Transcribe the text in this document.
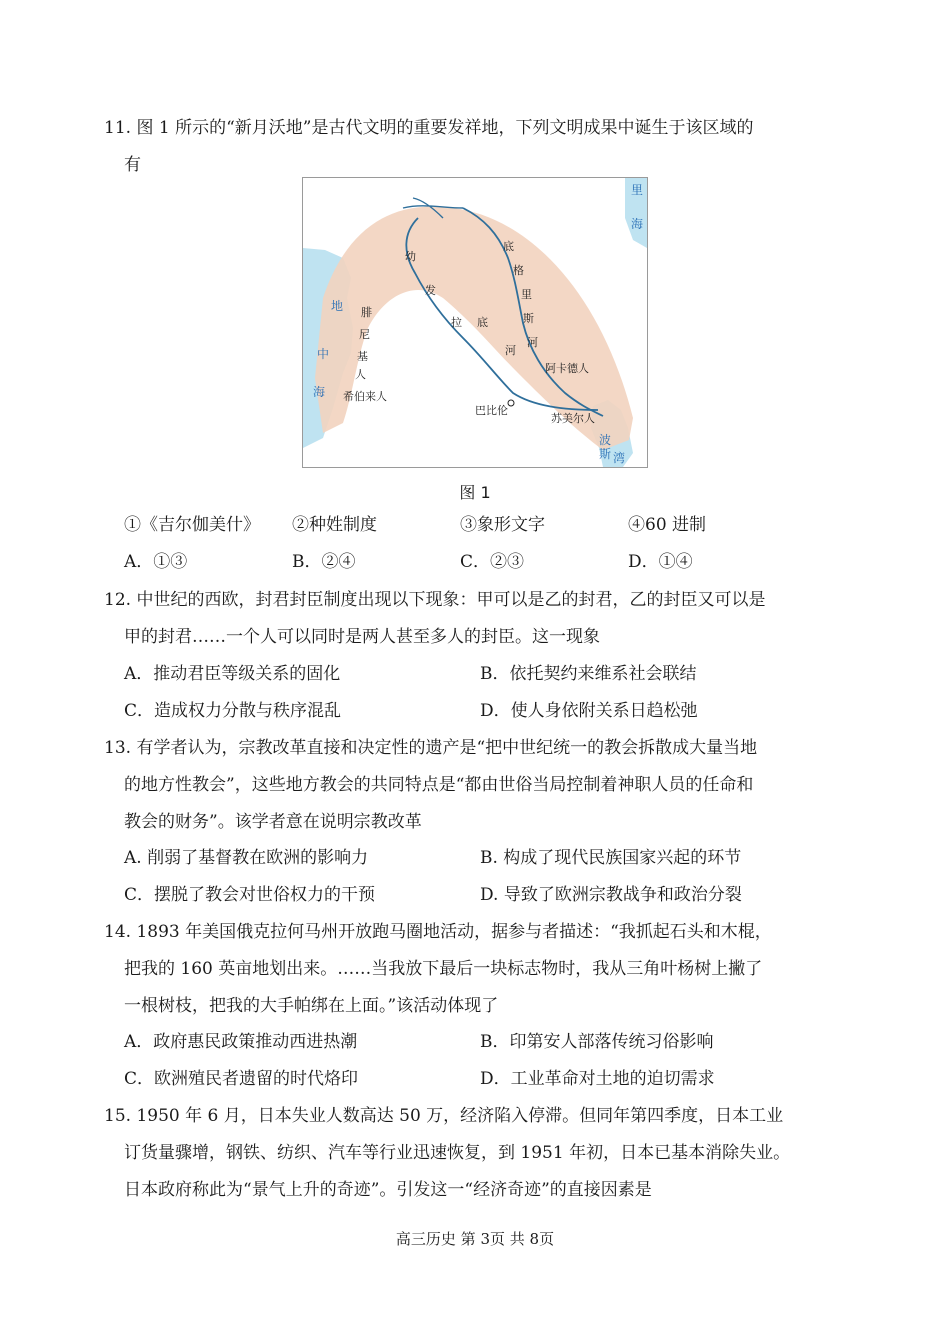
11. 图 1 所示的“新月沃地”是古代文明的重要发祥地，下列文明成果中诞生于该区域的
有
地
中
海
里
海
波
斯 湾
幼
发
拉 底
河
底
格
里
斯
河
腓
尼
基
人
希伯来人
阿卡德人
巴比伦
苏美尔人
图 1
①《吉尔伽美什》	②种姓制度	③象形文字	④60 进制
A．①③	B．②④	C．②③	D．①④
12. 中世纪的西欧，封君封臣制度出现以下现象：甲可以是乙的封君，乙的封臣又可以是
甲的封君……一个人可以同时是两人甚至多人的封臣。这一现象
A．推动君臣等级关系的固化	B．依托契约来维系社会联结
C．造成权力分散与秩序混乱	D．使人身依附关系日趋松弛
13. 有学者认为，宗教改革直接和决定性的遗产是“把中世纪统一的教会拆散成大量当地
的地方性教会”，这些地方教会的共同特点是“都由世俗当局控制着神职人员的任命和
教会的财务”。该学者意在说明宗教改革
A. 削弱了基督教在欧洲的影响力	B. 构成了现代民族国家兴起的环节
C．摆脱了教会对世俗权力的干预	D. 导致了欧洲宗教战争和政治分裂
14. 1893 年美国俄克拉何马州开放跑马圈地活动，据参与者描述：“我抓起石头和木棍，
把我的 160 英亩地划出来。……当我放下最后一块标志物时，我从三角叶杨树上撇了
一根树枝，把我的大手帕绑在上面。”该活动体现了
A．政府惠民政策推动西进热潮	B．印第安人部落传统习俗影响
C．欧洲殖民者遗留的时代烙印	D．工业革命对土地的迫切需求
15. 1950 年 6 月，日本失业人数高达 50 万，经济陷入停滞。但同年第四季度，日本工业
订货量骤增，钢铁、纺织、汽车等行业迅速恢复，到 1951 年初，日本已基本消除失业。
日本政府称此为“景气上升的奇迹”。引发这一“经济奇迹”的直接因素是
高三历史 第 3页 共 8页
